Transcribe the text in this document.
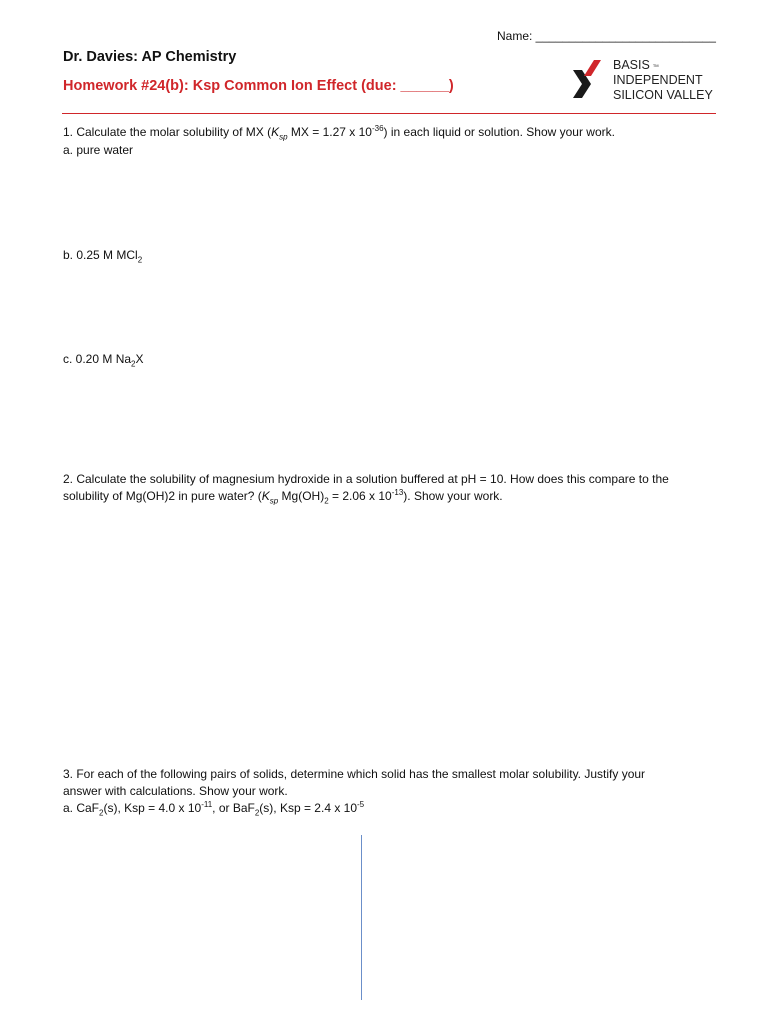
Name: ___________________________
Dr. Davies: AP Chemistry
Homework #24(b): Ksp Common Ion Effect (due: ______)
BASIS TM
INDEPENDENT
SILICON VALLEY
1. Calculate the molar solubility of MX ($K_{sp}$ MX = 1.27 x $10^{-36}$) in each liquid or solution. Show your work.
a. pure water
b. 0.25 M MCl$_2$
c. 0.20 M $Na_2X$
2. Calculate the solubility of magnesium hydroxide in a solution buffered at pH = 10. How does this compare to the
solubility of Mg(OH)2 in pure water? ($K_{sp}$ $Mg(OH)_2 = 2.06$ x $10^{-13}$). Show your work.
3. For each of the following pairs of solids, determine which solid has the smallest molar solubility. Justify your
answer with calculations. Show your work.
a. CaF$_2$(s), Ksp = 4.0 x $10^{-11}$, or BaF$_2$(s), Ksp = 2.4 x $10^{-5}$
